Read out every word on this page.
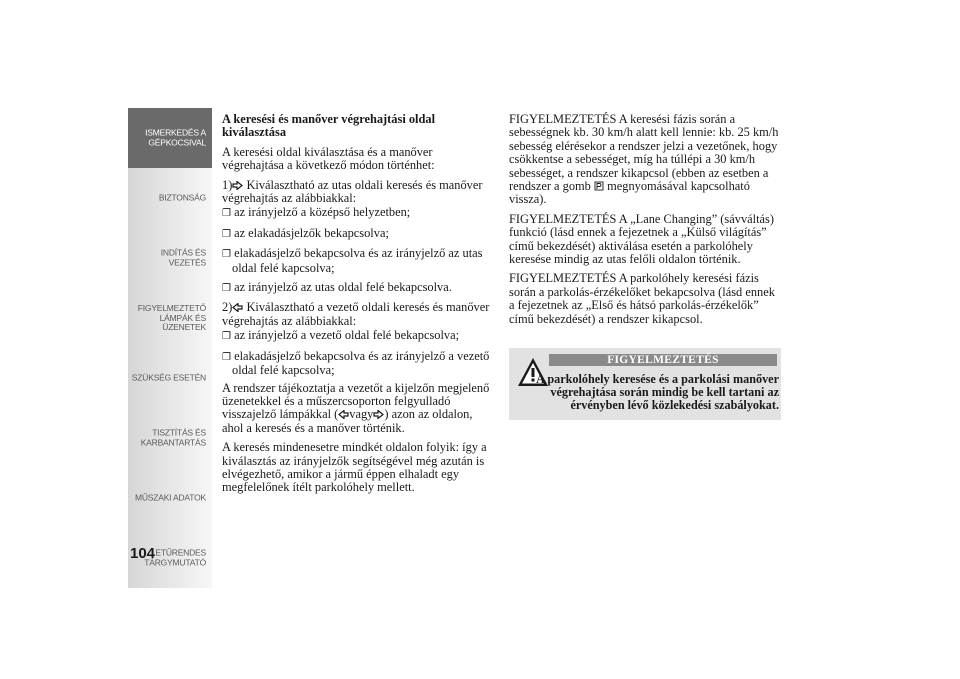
ISMERKEDÉS A
GÉPKOCSIVAL
BIZTONSÁG
INDÍTÁS ÉS
VEZETÉS
FIGYELMEZTETŐ
LÁMPÁK ÉS
ÜZENETEK
SZÜKSÉG ESETÉN
TISZTÍTÁS ÉS
KARBANTARTÁS
MŰSZAKI ADATOK
ETŰRENDES
TÁRGYMUTATÓ
104

A keresési és manőver végrehajtási oldal kiválasztása

A keresési oldal kiválasztása és a manőver végrehajtása a következő módon történhet:

1) Kiválasztható az utas oldali keresés és manőver végrehajtás az alábbiakkal:

❐ az irányjelző a középső helyzetben;

❐ az elakadásjelzők bekapcsolva;

❐ elakadásjelző bekapcsolva és az irányjelző az utas oldal felé kapcsolva;

❐ az irányjelző az utas oldal felé bekapcsolva.

2) Kiválasztható a vezető oldali keresés és manőver végrehajtás az alábbiakkal:

❐ az irányjelző a vezető oldal felé bekapcsolva;

❐ elakadásjelző bekapcsolva és az irányjelző a vezető oldal felé kapcsolva;

A rendszer tájékoztatja a vezetőt a kijelzőn megjelenő üzenetekkel és a műszercsoporton felgyulladó visszajelző lámpákkal ( vagy ) azon az oldalon, ahol a keresés és a manőver történik.

A keresés mindenesetre mindkét oldalon folyik: így a kiválasztás az irányjelzők segítségével még azután is elvégezhető, amikor a jármű éppen elhaladt egy megfelelőnek ítélt parkolóhely mellett.

FIGYELMEZTETÉS A keresési fázis során a sebességnek kb. 30 km/h alatt kell lennie: kb. 25 km/h sebesség elérésekor a rendszer jelzi a vezetőnek, hogy csökkentse a sebességet, míg ha túllépi a 30 km/h sebességet, a rendszer kikapcsol (ebben az esetben a rendszer a gomb megnyomásával kapcsolható vissza).

FIGYELMEZTETÉS A „Lane Changing” (sávváltás) funkció (lásd ennek a fejezetnek a „Külső világítás” című bekezdését) aktiválása esetén a parkolóhely keresése mindig az utas felőli oldalon történik.

FIGYELMEZTETÉS A parkolóhely keresési fázis során a parkolás-érzékelőket bekapcsolva (lásd ennek a fejezetnek az „Első és hátsó parkolás-érzékelők” című bekezdését) a rendszer kikapcsol.

FIGYELMEZTETÉS
A parkolóhely keresése és a parkolási manőver végrehajtása során mindig be kell tartani az érvényben lévő közlekedési szabályokat.
